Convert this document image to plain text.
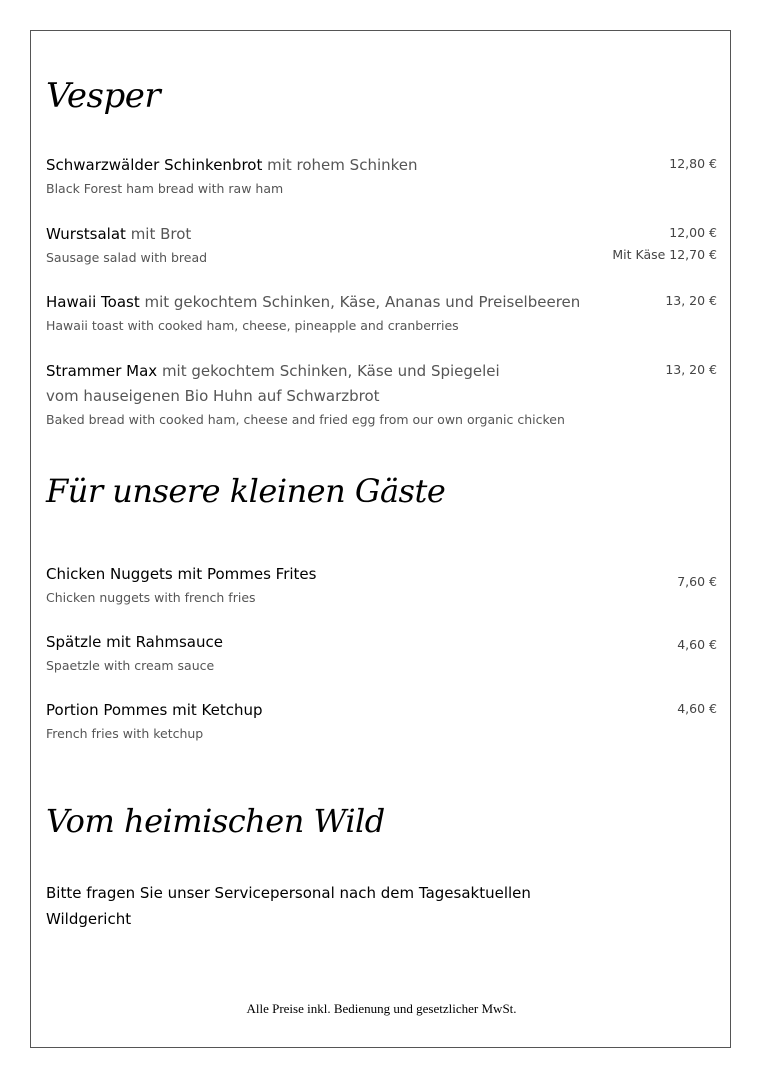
Vesper
Schwarzwälder Schinkenbrot mit rohem Schinken
Black Forest ham bread with raw ham
12,80 €
Wurstsalat mit Brot
Sausage salad with bread
12,00 €
Mit Käse 12,70 €
Hawaii Toast mit gekochtem Schinken, Käse, Ananas und Preiselbeeren
Hawaii toast with cooked ham, cheese, pineapple and cranberries
13, 20 €
Strammer Max mit gekochtem Schinken, Käse und Spiegelei vom hauseigenen Bio Huhn auf Schwarzbrot
Baked bread with cooked ham, cheese and fried egg from our own organic chicken
13, 20 €
Für unsere kleinen Gäste
Chicken Nuggets mit Pommes Frites
Chicken nuggets with french fries
7,60 €
Spätzle mit Rahmsauce
Spaetzle with cream sauce
4,60 €
Portion Pommes mit Ketchup
French fries with ketchup
4,60 €
Vom heimischen Wild
Bitte fragen Sie unser Servicepersonal nach dem Tagesaktuellen Wildgericht
Alle Preise inkl. Bedienung und gesetzlicher MwSt.
